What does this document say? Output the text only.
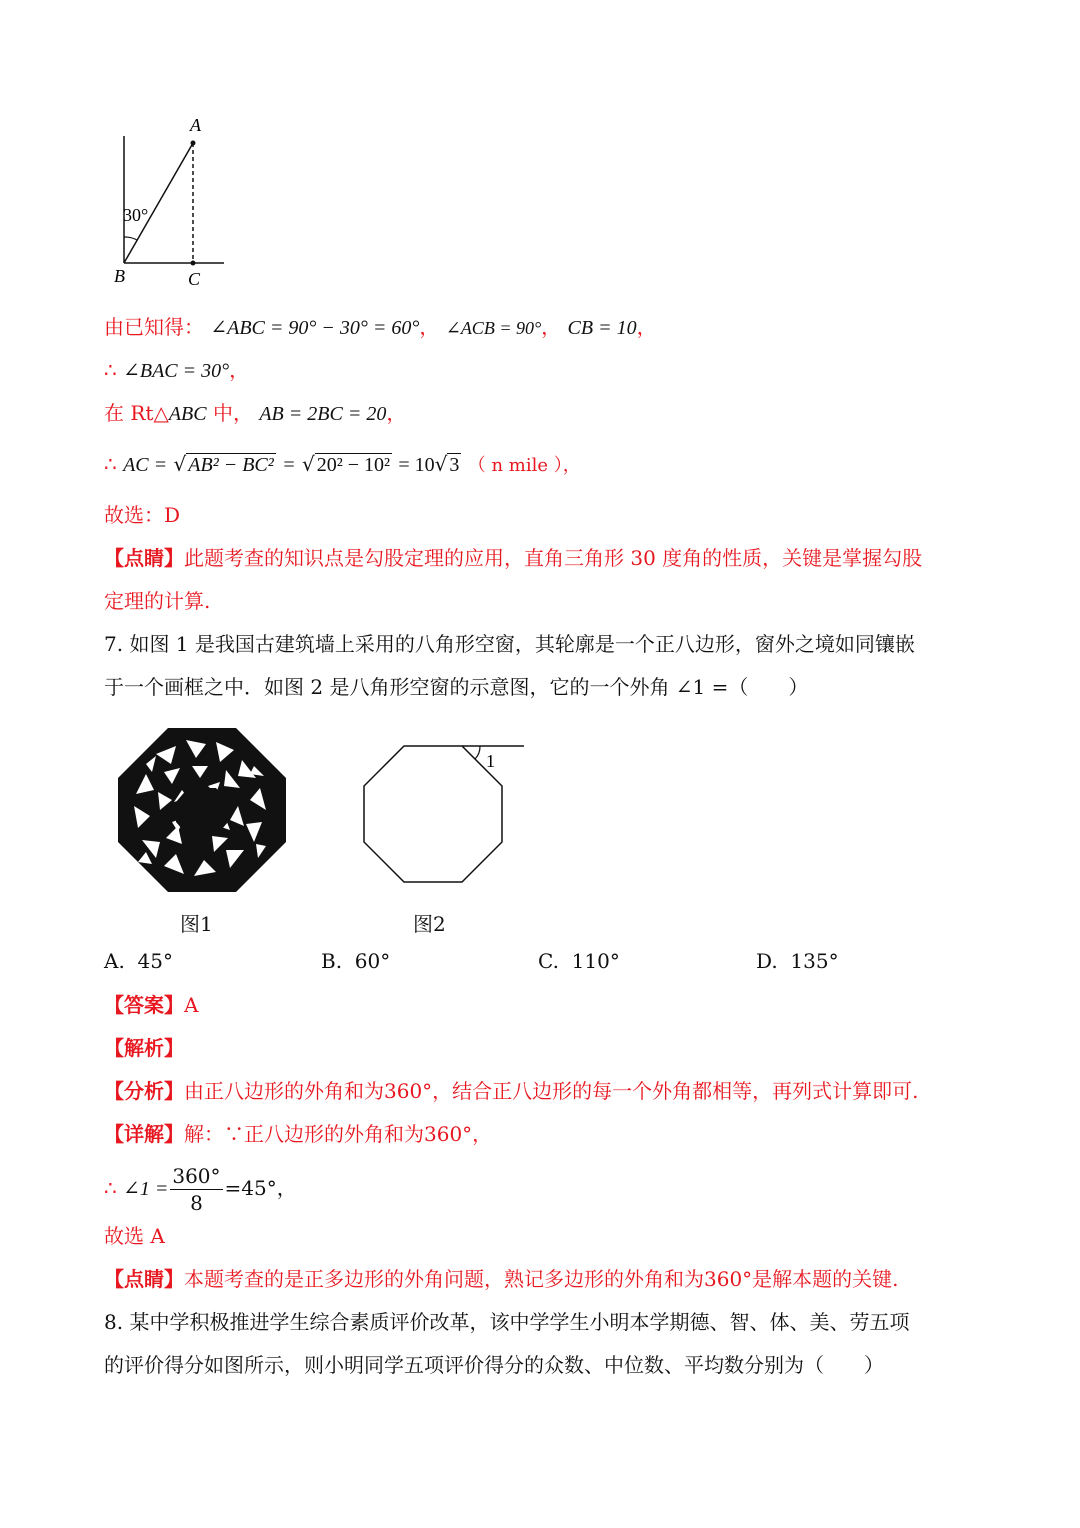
A
B	C
30°
由已知得： ∠ABC = 90° − 30° = 60°， ∠ACB = 90°， CB = 10，
∴ ∠BAC = 30°，
在 Rt△ABC 中， AB = 2BC = 20，
∴ AC = √ AB² − BC² = √ 20² − 10² = 10√ 3 （ n mile ），
故选：D
【点睛】此题考查的知识点是勾股定理的应用，直角三角形 30 度角的性质，关键是掌握勾股
定理的计算.
7. 如图 1 是我国古建筑墙上采用的八角形空窗，其轮廓是一个正八边形，窗外之境如同镶嵌
于一个画框之中．如图 2 是八角形空窗的示意图，它的一个外角 ∠1 =（　　）
1
图1	图2
A. 45°	B. 60°	C. 110°	D. 135°
【答案】A
【解析】
【分析】由正八边形的外角和为360°，结合正八边形的每一个外角都相等，再列式计算即可.
【详解】解：∵正八边形的外角和为360°，
∴ ∠1 = $\frac{360^\circ}{8} =45^\circ$，
故选 A
【点睛】本题考查的是正多边形的外角问题，熟记多边形的外角和为360°是解本题的关键.
8. 某中学积极推进学生综合素质评价改革，该中学学生小明本学期德、智、体、美、劳五项
的评价得分如图所示，则小明同学五项评价得分的众数、中位数、平均数分别为（　　）
